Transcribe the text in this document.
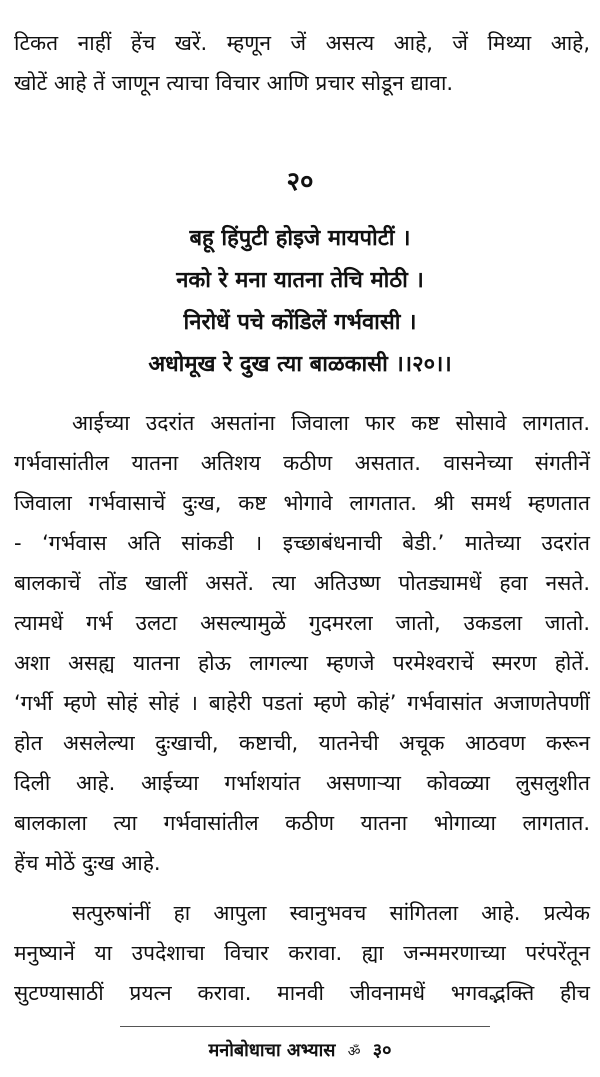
टिकत नाहीं हेंच खरें. म्हणून जें असत्य आहे, जें मिथ्या आहे,
खोटें आहे तें जाणून त्याचा विचार आणि प्रचार सोडून द्यावा.
२०
बहू हिंपुटी होइजे मायपोटीं ।
नको रे मना यातना तेचि मोठी ।
निरोधें पचे कोंडिलें गर्भवासी ।
अधोमूख रे दुख त्या बाळकासी ।।२०।।
आईच्या उदरांत असतांना जिवाला फार कष्ट सोसावे लागतात.
गर्भवासांतील यातना अतिशय कठीण असतात. वासनेच्या संगतीनें
जिवाला गर्भवासाचें दुःख, कष्ट भोगावे लागतात. श्री समर्थ म्हणतात
- ‘गर्भवास अति सांकडी । इच्छाबंधनाची बेडी.’ मातेच्या उदरांत
बालकाचें तोंड खालीं असतें. त्या अतिउष्ण पोतड्यामधें हवा नसते.
त्यामधें गर्भ उलटा असल्यामुळें गुदमरला जातो, उकडला जातो.
अशा असह्य यातना होऊ लागल्या म्हणजे परमेश्वराचें स्मरण होतें.
‘गर्भी म्हणे सोहं सोहं । बाहेरी पडतां म्हणे कोहं’ गर्भवासांत अजाणतेपणीं
होत असलेल्या दुःखाची, कष्टाची, यातनेची अचूक आठवण करून
दिली आहे. आईच्या गर्भाशयांत असणाऱ्या कोवळ्या लुसलुशीत
बालकाला त्या गर्भवासांतील कठीण यातना भोगाव्या लागतात.
हेंच मोठें दुःख आहे.
सत्पुरुषांनीं हा आपुला स्वानुभवच सांगितला आहे. प्रत्येक
मनुष्यानें या उपदेशाचा विचार करावा. ह्या जन्ममरणाच्या परंपरेंतून
सुटण्यासाठीं प्रयत्न करावा. मानवी जीवनामधें भगवद्भक्ति हीच
मनोबोधाचा अभ्यास ॐ ३०
